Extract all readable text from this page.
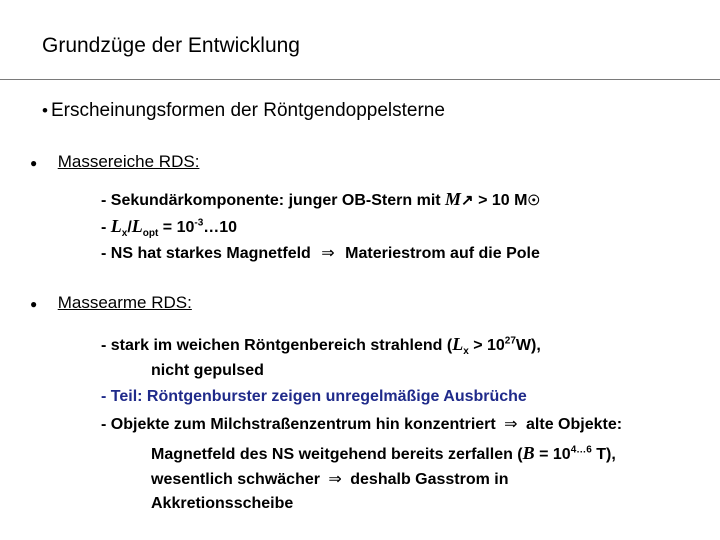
Grundzüge der Entwicklung
• Erscheinungsformen der Röntgendoppelsterne
● Massereiche RDS:
- Sekundärkomponente: junger OB-Stern mit M↗ > 10 M☉
- $L_x/L_{opt}$ = $10^{-3}\dots 10$
- NS hat starkes Magnetfeld ⇒ Materiestrom auf die Pole
● Massearme RDS:
- stark im weichen Röntgenbereich strahlend $(L_x > 10^{27}W)$,
nicht gepulsed
- Teil: Röntgenburster zeigen unregelmäßige Ausbrüche
- Objekte zum Milchstraßenzentrum hin konzentriert ⇒ alte Objekte:
Magnetfeld des NS weitgehend bereits zerfallen ($B = 10^{4\dots 6}$ T),
wesentlich schwächer ⇒ deshalb Gasstrom in
Akkretionsscheibe
